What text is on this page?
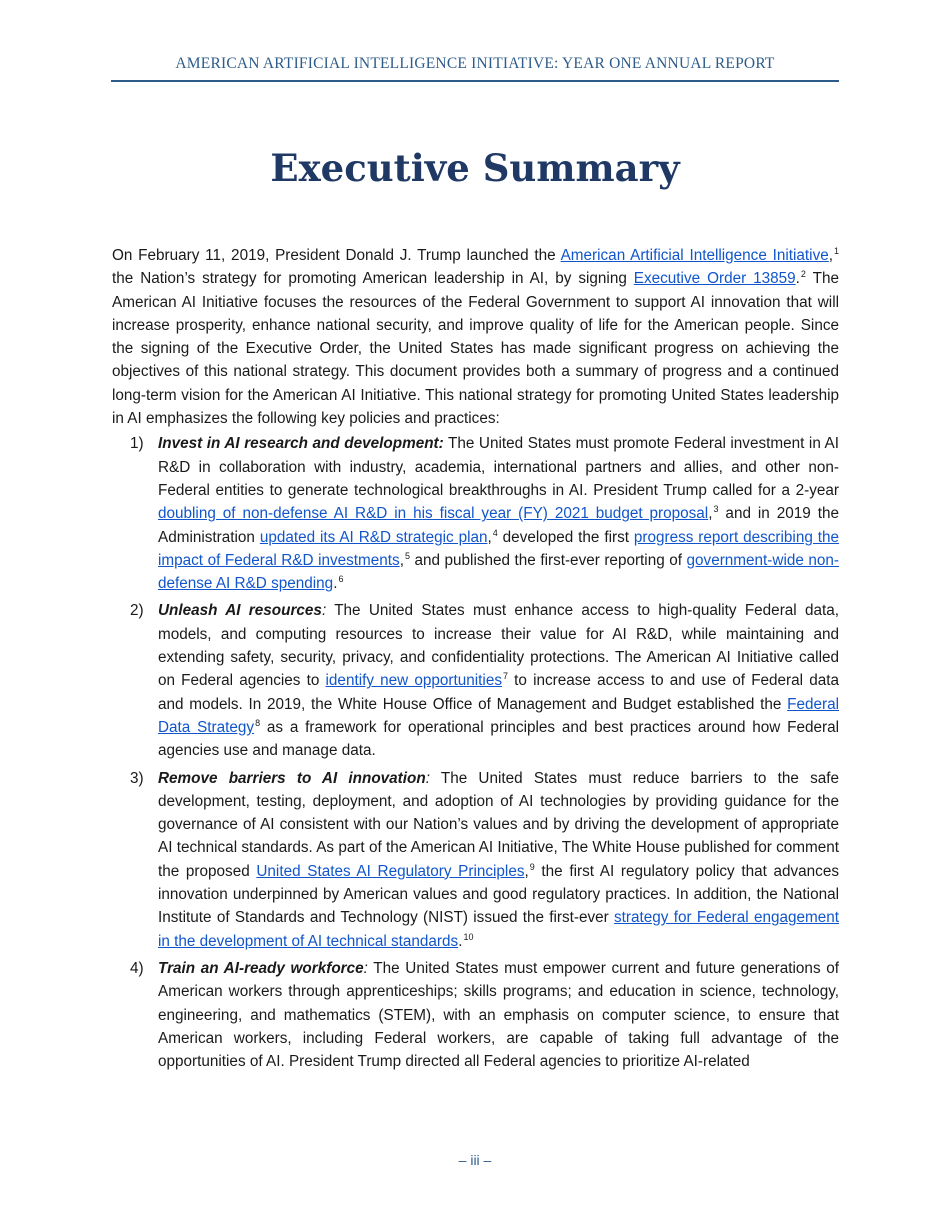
AMERICAN ARTIFICIAL INTELLIGENCE INITIATIVE: YEAR ONE ANNUAL REPORT
Executive Summary

On February 11, 2019, President Donald J. Trump launched the American Artificial Intelligence Initiative,$^1$ the Nation’s strategy for promoting American leadership in AI, by signing Executive Order 13859.$^2$ The American AI Initiative focuses the resources of the Federal Government to support AI innovation that will increase prosperity, enhance national security, and improve quality of life for the American people. Since the signing of the Executive Order, the United States has made significant progress on achieving the objectives of this national strategy. This document provides both a summary of progress and a continued long-term vision for the American AI Initiative. This national strategy for promoting United States leadership in AI emphasizes the following key policies and practices:

1) Invest in AI research and development: The United States must promote Federal investment in AI R&D in collaboration with industry, academia, international partners and allies, and other non-Federal entities to generate technological breakthroughs in AI. President Trump called for a 2-year doubling of non-defense AI R&D in his fiscal year (FY) 2021 budget proposal,$^3$ and in 2019 the Administration updated its AI R&D strategic plan,$^4$ developed the first progress report describing the impact of Federal R&D investments,$^5$ and published the first-ever reporting of government-wide non-defense AI R&D spending.$^6$
2) Unleash AI resources: The United States must enhance access to high-quality Federal data, models, and computing resources to increase their value for AI R&D, while maintaining and extending safety, security, privacy, and confidentiality protections. The American AI Initiative called on Federal agencies to identify new opportunities$^7$ to increase access to and use of Federal data and models. In 2019, the White House Office of Management and Budget established the Federal Data Strategy$^8$ as a framework for operational principles and best practices around how Federal agencies use and manage data.
3) Remove barriers to AI innovation: The United States must reduce barriers to the safe development, testing, deployment, and adoption of AI technologies by providing guidance for the governance of AI consistent with our Nation’s values and by driving the development of appropriate AI technical standards. As part of the American AI Initiative, The White House published for comment the proposed United States AI Regulatory Principles,$^9$ the first AI regulatory policy that advances innovation underpinned by American values and good regulatory practices. In addition, the National Institute of Standards and Technology (NIST) issued the first-ever strategy for Federal engagement in the development of AI technical standards.$^{10}$
4) Train an AI-ready workforce: The United States must empower current and future generations of American workers through apprenticeships; skills programs; and education in science, technology, engineering, and mathematics (STEM), with an emphasis on computer science, to ensure that American workers, including Federal workers, are capable of taking full advantage of the opportunities of AI. President Trump directed all Federal agencies to prioritize AI-related
– iii –
